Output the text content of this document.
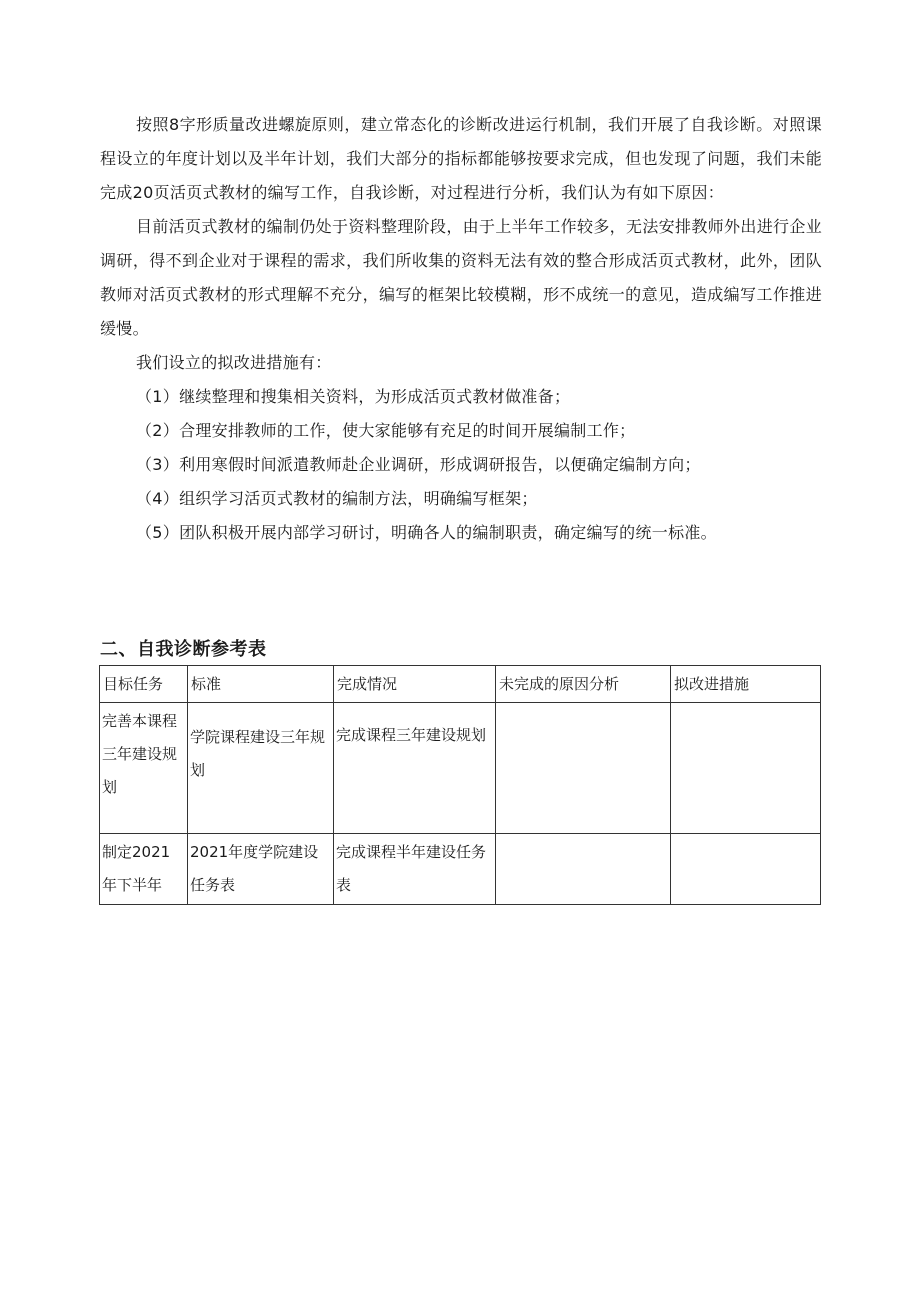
按照8字形质量改进螺旋原则，建立常态化的诊断改进运行机制，我们开展了自我诊断。对照课程设立的年度计划以及半年计划，我们大部分的指标都能够按要求完成，但也发现了问题，我们未能完成20页活页式教材的编写工作，自我诊断，对过程进行分析，我们认为有如下原因：

目前活页式教材的编制仍处于资料整理阶段，由于上半年工作较多，无法安排教师外出进行企业调研，得不到企业对于课程的需求，我们所收集的资料无法有效的整合形成活页式教材，此外，团队教师对活页式教材的形式理解不充分，编写的框架比较模糊，形不成统一的意见，造成编写工作推进缓慢。

我们设立的拟改进措施有：

（1）继续整理和搜集相关资料，为形成活页式教材做准备；

（2）合理安排教师的工作，使大家能够有充足的时间开展编制工作；

（3）利用寒假时间派遣教师赴企业调研，形成调研报告，以便确定编制方向；

（4）组织学习活页式教材的编制方法，明确编写框架；

（5）团队积极开展内部学习研讨，明确各人的编制职责，确定编写的统一标准。

二、自我诊断参考表
目标任务	标准	完成情况	未完成的原因分析	拟改进措施
完善本课程三年建设规划	学院课程建设三年规划	完成课程三年建设规划		
制定2021年下半年	2021年度学院建设任务表	完成课程半年建设任务表		
